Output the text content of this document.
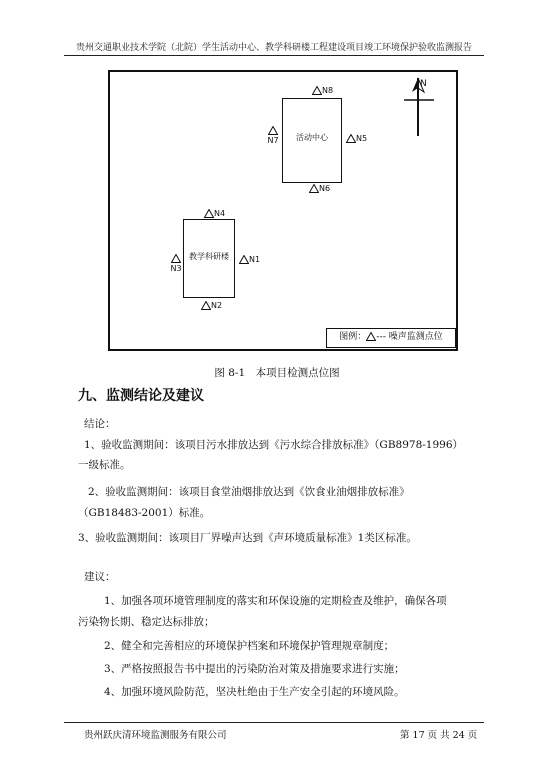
贵州交通职业技术学院（北院）学生活动中心、教学科研楼工程建设项目竣工环境保护验收监测报告
活动中心
教学科研楼
N8
N5
N6

N7
N4
N1

N3
N2
N
图例： --- 噪声监测点位
图 8-1　本项目检测点位图
九、监测结论及建议
结论：
1、验收监测期间：该项目污水排放达到《污水综合排放标准》（GB8978-1996）
一级标准。
2、验收监测期间：该项目食堂油烟排放达到《饮食业油烟排放标准》
（GB18483-2001）标准。
3、验收监测期间：该项目厂界噪声达到《声环境质量标准》1类区标准。
建议：
1、加强各项环境管理制度的落实和环保设施的定期检查及维护，确保各项
污染物长期、稳定达标排放；
2、健全和完善相应的环境保护档案和环境保护管理规章制度；
3、严格按照报告书中提出的污染防治对策及措施要求进行实施；
4、加强环境风险防范，坚决杜绝由于生产安全引起的环境风险。
贵州跃庆清环境监测服务有限公司	第 17 页 共 24 页
